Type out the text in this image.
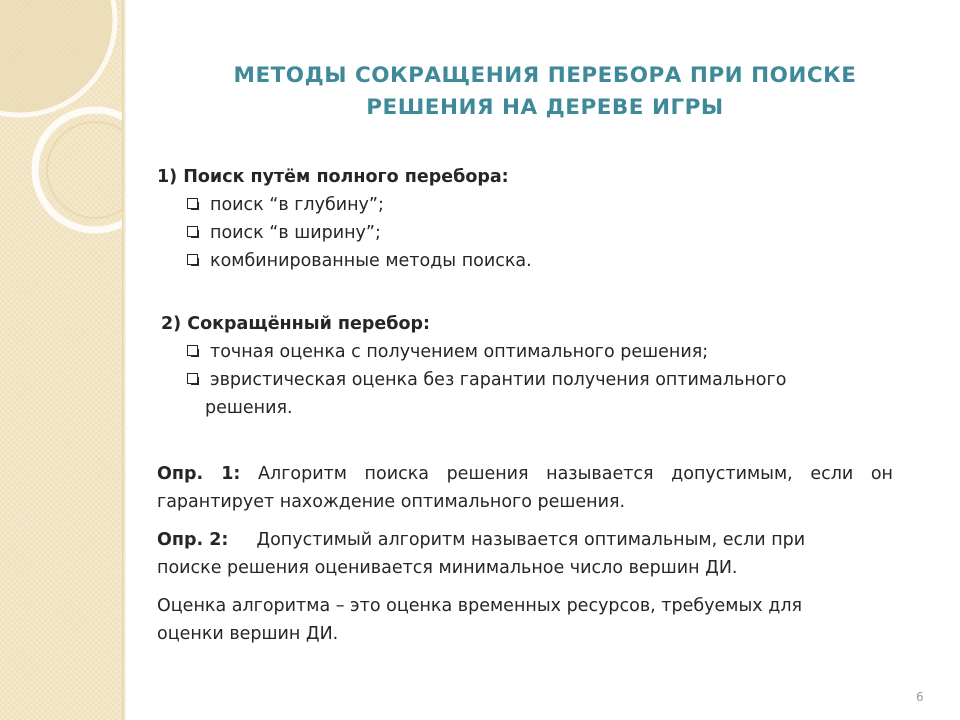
МЕТОДЫ СОКРАЩЕНИЯ ПЕРЕБОРА ПРИ ПОИСКЕ
РЕШЕНИЯ НА ДЕРЕВЕ ИГРЫ
1) Поиск путём полного перебора:
поиск “в глубину”;
поиск “в ширину”;
комбинированные методы поиска.
2) Сокращённый перебор:
точная оценка с получением оптимального решения;
эвристическая оценка без гарантии получения оптимального
решения.
Опр. 1: Алгоритм поиска решения называется допустимым, если он
гарантирует нахождение оптимального решения.
Опр. 2: Допустимый алгоритм называется оптимальным, если при
поиске решения оценивается минимальное число вершин ДИ.
Оценка алгоритма – это оценка временных ресурсов, требуемых для
оценки вершин ДИ.
6
